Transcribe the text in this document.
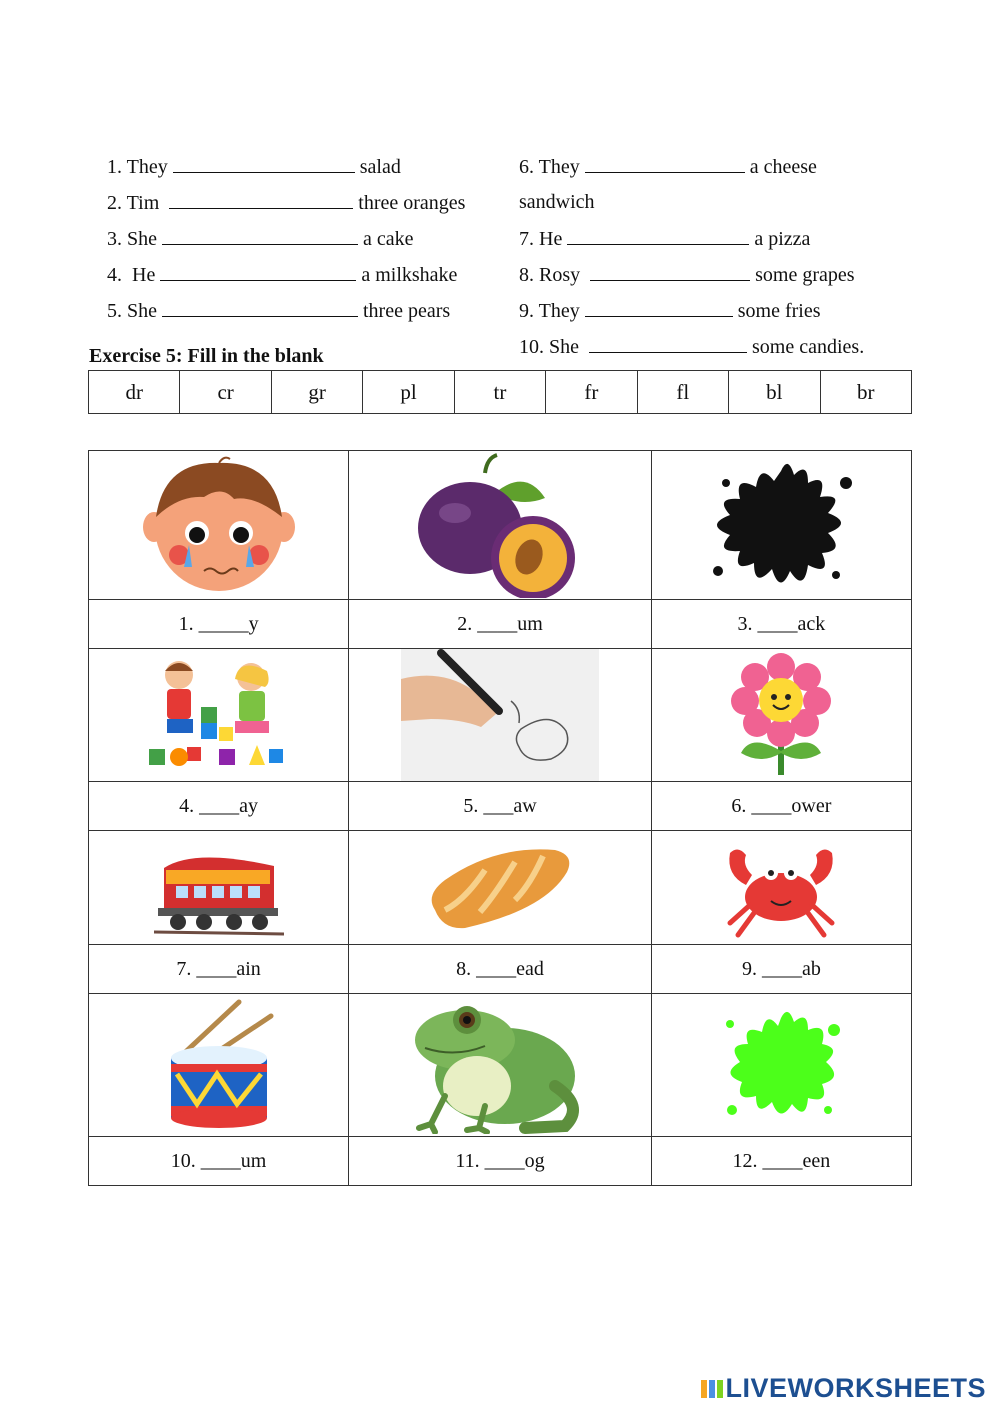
1. They	salad

2. Tim	three oranges

3. She	a cake

4.  He	a milkshake

5. She	three pears

6. They	a cheese

sandwich

7. He	a pizza

8. Rosy	some grapes

9. They	some fries

10. She	some candies.

Exercise 5: Fill in the blank
dr	cr	gr	pl	tr	fr	fl	bl	br

1. _____y	2. ____um	3. ____ack

4. ____ay	5. ___aw	6. ____ower

7. ____ain	8. ____ead	9. ____ab

10. ____um	11. ____og	12. ____een
LIVEWORKSHEETS
